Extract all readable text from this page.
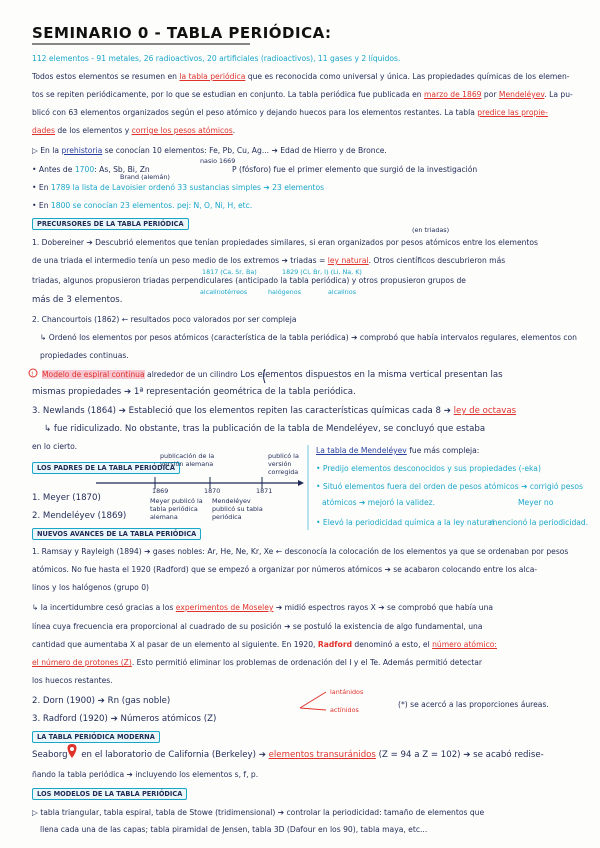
!
SEMINARIO 0 - TABLA PERIÓDICA:
112 elementos - 91 metales, 26 radioactivos, 20 artificiales (radioactivos), 11 gases y 2 líquidos.
Todos estos elementos se resumen en la tabla periódica que es reconocida como universal y única. Las propiedades químicas de los elemen-
tos se repiten periódicamente, por lo que se estudian en conjunto. La tabla periódica fue publicada en marzo de 1869 por Mendeléyev. La pu-
blicó con 63 elementos organizados según el peso atómico y dejando huecos para los elementos restantes. La tabla predice las propie-
dades de los elementos y corrige los pesos atómicos.
▷ En la prehistoria se conocían 10 elementos: Fe, Pb, Cu, Ag... ➔ Edad de Hierro y de Bronce.
nasio 1669
Brand (alemán)
• Antes de 1700: As, Sb, Bi, Zn	P (fósforo) fue el primer elemento que surgió de la investigación
• En 1789 la lista de Lavoisier ordenó 33 sustancias simples ➔ 23 elementos
• En 1800 se conocían 23 elementos. pej: N, O, Ni, H, etc.
PRECURSORES DE LA TABLA PERIÓDICA
(en triadas)
1. Dobereiner ➔ Descubrió elementos que tenían propiedades similares, si eran organizados por pesos atómicos entre los elementos
de una triada el intermedio tenía un peso medio de los extremos ➔ triadas = ley natural. Otros científicos descubrieron más
1817 (Ca, Sr, Ba)	1829 (Cl, Br, I) (Li, Na, K)
triadas, algunos propusieron triadas perpendiculares (anticipado la tabla periódica) y otros propusieron grupos de
alcalinotérreos	halógenos	alcalinos
más de 3 elementos.
2. Chancourtois (1862) ← resultados poco valorados por ser compleja
↳ Ordenó los elementos por pesos atómicos (característica de la tabla periódica) ➔ comprobó que había intervalos regulares, elementos con
propiedades continuas.
Modelo de espiral continua alrededor de un cilindro Los elementos dispuestos en la misma vertical presentan las
mismas propiedades ➔ 1ª representación geométrica de la tabla periódica.
3. Newlands (1864) ➔ Estableció que los elementos repiten las características químicas cada 8 ➔ ley de octavas
↳ fue ridiculizado. No obstante, tras la publicación de la tabla de Mendeléyev, se concluyó que estaba
en lo cierto.
LOS PADRES DE LA TABLA PERIÓDICA
publicación de la versión alemana
publicó la versión corregida
1869	1870	1871
Meyer publicó la tabla periódica alemana
Mendeléyev publicó su tabla periódica
1. Meyer (1870)
2. Mendeléyev (1869)
La tabla de Mendeléyev fue más compleja:
• Predijo elementos desconocidos y sus propiedades (-eka)
• Situó elementos fuera del orden de pesos atómicos ➔ corrigió pesos
atómicos ➔ mejoró la validez.	Meyer no
• Elevó la periodicidad química a la ley natural
mencionó la periodicidad.
NUEVOS AVANCES DE LA TABLA PERIÓDICA
1. Ramsay y Rayleigh (1894) ➔ gases nobles: Ar, He, Ne, Kr, Xe ← desconocía la colocación de los elementos ya que se ordenaban por pesos
atómicos. No fue hasta el 1920 (Radford) que se empezó a organizar por números atómicos ➔ se acabaron colocando entre los alca-
linos y los halógenos (grupo 0)
↳ la incertidumbre cesó gracias a los experimentos de Moseley ➔ midió espectros rayos X ➔ se comprobó que había una
línea cuya frecuencia era proporcional al cuadrado de su posición ➔ se postuló la existencia de algo fundamental, una
cantidad que aumentaba X al pasar de un elemento al siguiente. En 1920, Radford denominó a esto, el número atómico:
el número de protones (Z). Esto permitió eliminar los problemas de ordenación del I y el Te. Además permitió detectar
los huecos restantes.
2. Dorn (1900) ➔ Rn (gas noble)
3. Radford (1920) ➔ Números atómicos (Z)
lantánidos
actínidos
(*) se acercó a las proporciones áureas.
LA TABLA PERIÓDICA MODERNA
Seaborg     en el laboratorio de California (Berkeley) ➔ elementos transuránidos (Z = 94 a Z = 102) ➔ se acabó redise-
ñando la tabla periódica ➔ incluyendo los elementos s, f, p.
LOS MODELOS DE LA TABLA PERIÓDICA
▷ tabla triangular, tabla espiral, tabla de Stowe (tridimensional) ➔ controlar la periodicidad: tamaño de elementos que
llena cada una de las capas; tabla piramidal de Jensen, tabla 3D (Dafour en los 90), tabla maya, etc...
